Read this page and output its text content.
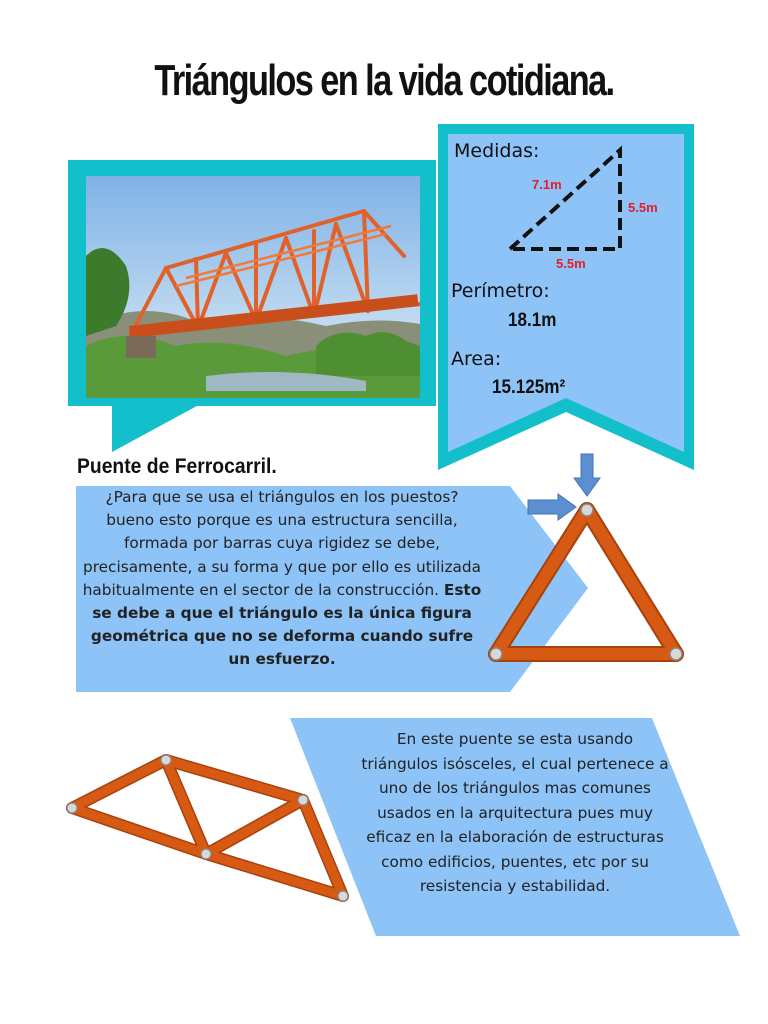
Triángulos en la vida cotidiana.
Puente de Ferrocarril.
Medidas:
7.1m
5.5m
5.5m
Perímetro:
18.1m
Area:
15.125m²
¿Para que se usa el triángulos en los puestos? bueno esto porque es una estructura sencilla, formada por barras cuya rigidez se debe, precisamente, a su forma y que por ello es utilizada habitualmente en el sector de la construcción. Esto se debe a que el triángulo es la única figura geométrica que no se deforma cuando sufre un esfuerzo.
En este puente se esta usando triángulos isósceles, el cual pertenece a uno de los triángulos mas comunes usados en la arquitectura pues muy eficaz en la elaboración de estructuras como edificios, puentes, etc por su resistencia y estabilidad.
